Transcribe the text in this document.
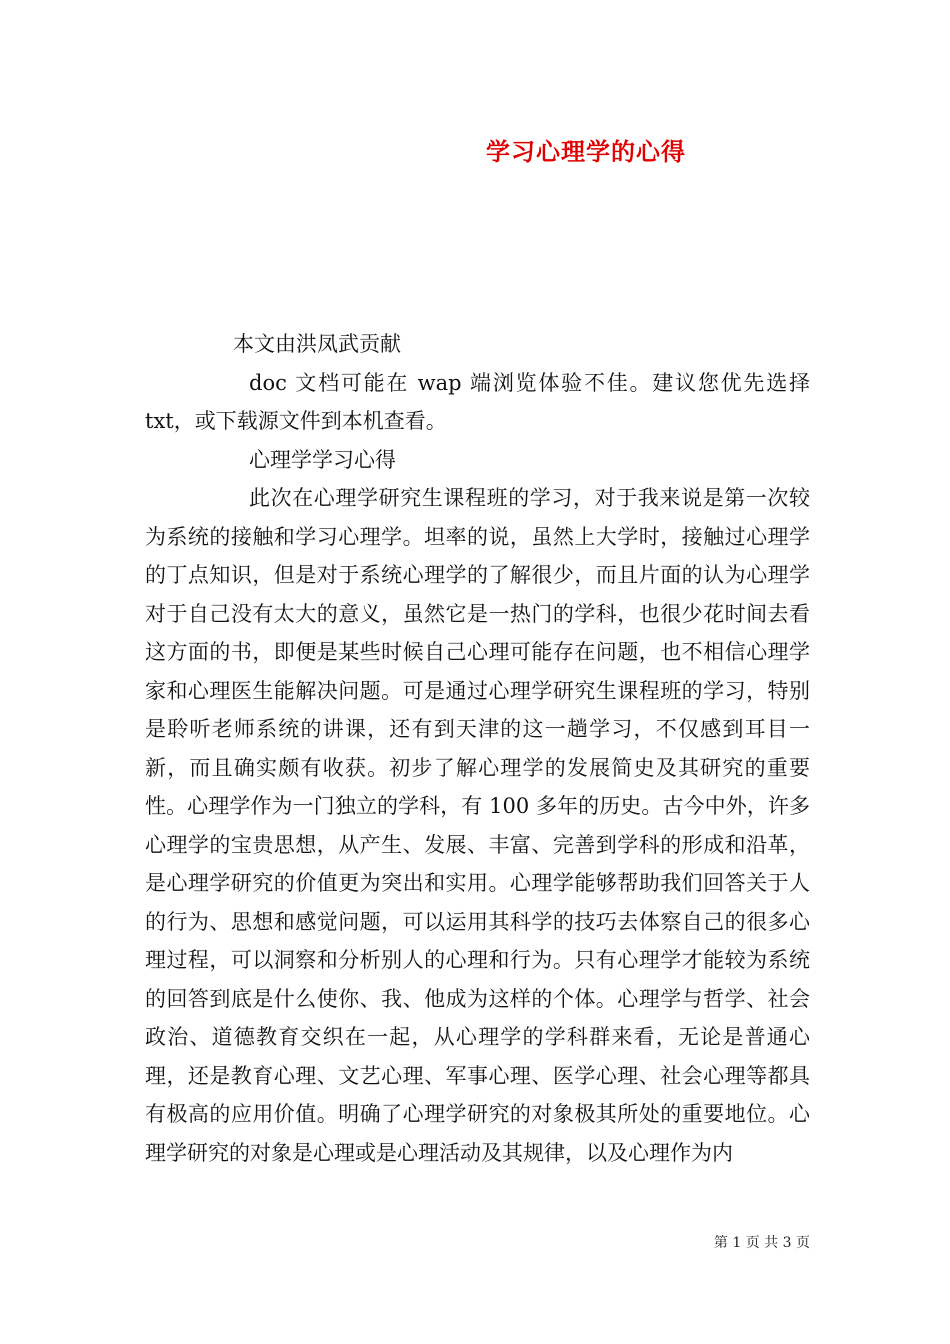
学习心理学的心得

本文由洪凤武贡献

doc 文档可能在 wap 端浏览体验不佳。建议您优先选择 txt，或下载源文件到本机查看。

心理学学习心得

此次在心理学研究生课程班的学习，对于我来说是第一次较为系统的接触和学习心理学。坦率的说，虽然上大学时，接触过心理学的丁点知识，但是对于系统心理学的了解很少，而且片面的认为心理学对于自己没有太大的意义，虽然它是一热门的学科，也很少花时间去看这方面的书，即便是某些时候自己心理可能存在问题，也不相信心理学家和心理医生能解决问题。可是通过心理学研究生课程班的学习，特别是聆听老师系统的讲课，还有到天津的这一趟学习，不仅感到耳目一新，而且确实颇有收获。初步了解心理学的发展简史及其研究的重要性。心理学作为一门独立的学科，有 100 多年的历史。古今中外，许多心理学的宝贵思想，从产生、发展、丰富、完善到学科的形成和沿革，是心理学研究的价值更为突出和实用。心理学能够帮助我们回答关于人的行为、思想和感觉问题，可以运用其科学的技巧去体察自己的很多心理过程，可以洞察和分析别人的心理和行为。只有心理学才能较为系统的回答到底是什么使你、我、他成为这样的个体。心理学与哲学、社会政治、道德教育交织在一起，从心理学的学科群来看，无论是普通心理，还是教育心理、文艺心理、军事心理、医学心理、社会心理等都具有极高的应用价值。明确了心理学研究的对象极其所处的重要地位。心理学研究的对象是心理或是心理活动及其规律，以及心理作为内

第 1 页 共 3 页
